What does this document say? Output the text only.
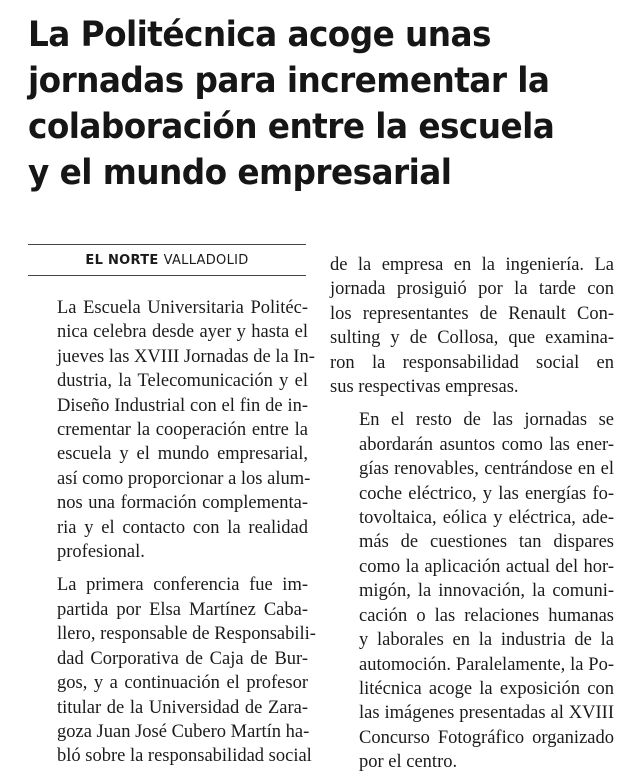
La Politécnica acoge unas
jornadas para incrementar la
colaboración entre la escuela
y el mundo empresarial
EL NORTE VALLADOLID

La Escuela Universitaria Politéc-
nica celebra desde ayer y hasta el
jueves las XVIII Jornadas de la In-
dustria, la Telecomunicación y el
Diseño Industrial con el fin de in-
crementar la cooperación entre la
escuela y el mundo empresarial,
así como proporcionar a los alum-
nos una formación complementa-
ria y el contacto con la realidad
profesional.

La primera conferencia fue im-
partida por Elsa Martínez Caba-
llero, responsable de Responsabili-
dad Corporativa de Caja de Bur-
gos, y a continuación el profesor
titular de la Universidad de Zara-
goza Juan José Cubero Martín ha-
bló sobre la responsabilidad social

de la empresa en la ingeniería. La
jornada prosiguió por la tarde con
los representantes de Renault Con-
sulting y de Collosa, que examina-
ron la responsabilidad social en
sus respectivas empresas.

En el resto de las jornadas se
abordarán asuntos como las ener-
gías renovables, centrándose en el
coche eléctrico, y las energías fo-
tovoltaica, eólica y eléctrica, ade-
más de cuestiones tan dispares
como la aplicación actual del hor-
migón, la innovación, la comuni-
cación o las relaciones humanas
y laborales en la industria de la
automoción. Paralelamente, la Po-
litécnica acoge la exposición con
las imágenes presentadas al XVIII
Concurso Fotográfico organizado
por el centro.
